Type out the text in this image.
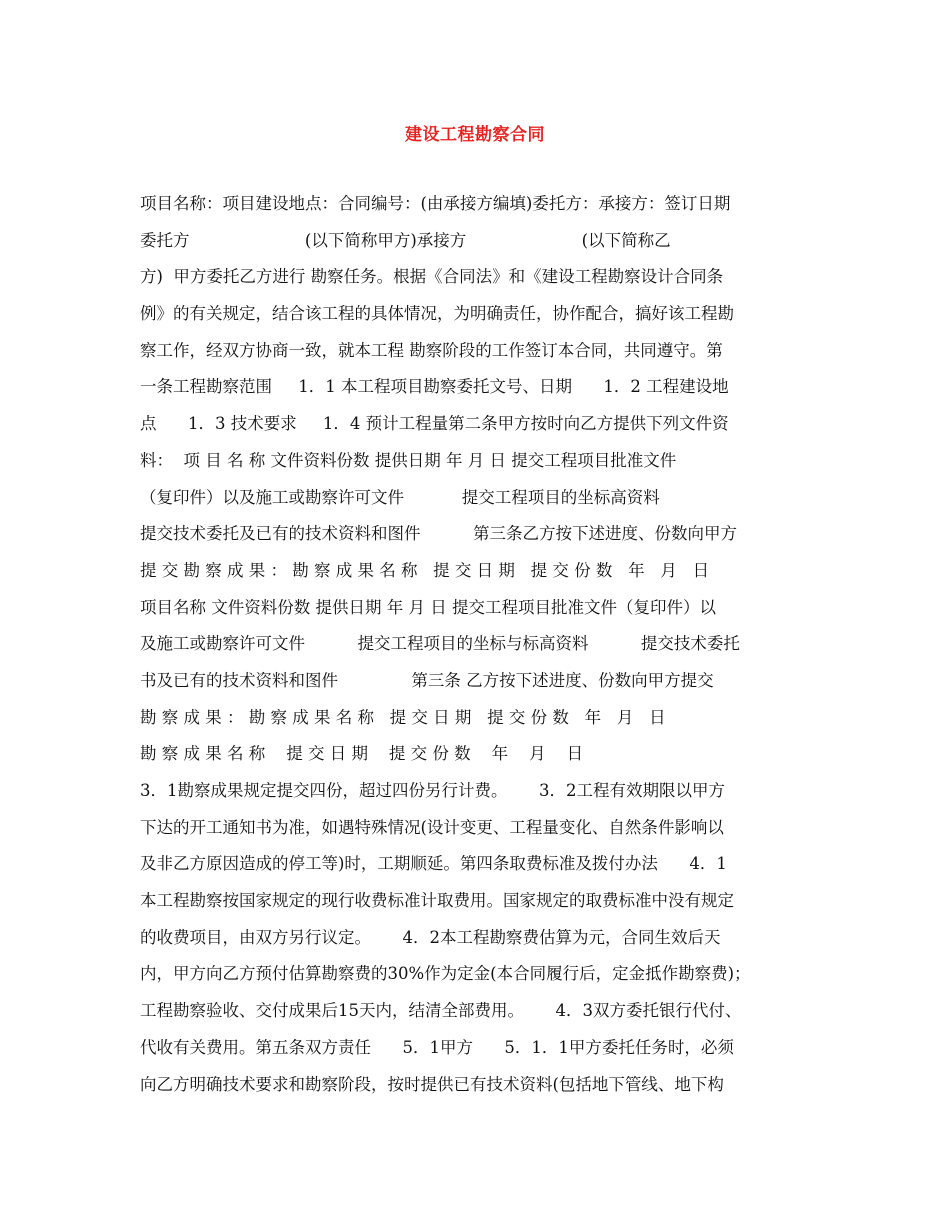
建设工程勘察合同
项目名称：项目建设地点：合同编号：(由承接方编填)委托方：承接方：签订日期
委托方                      (以下简称甲方)承接方                      (以下简称乙
方)  甲方委托乙方进行 勘察任务。根据《合同法》和《建设工程勘察设计合同条
例》的有关规定，结合该工程的具体情况，为明确责任，协作配合，搞好该工程勘
察工作，经双方协商一致，就本工程 勘察阶段的工作签订本合同，共同遵守。第
一条工程勘察范围     1．1 本工程项目勘察委托文号、日期      1．2 工程建设地
点      1．3 技术要求     1．4 预计工程量第二条甲方按时向乙方提供下列文件资
料：  项 目 名 称 文件资料份数 提供日期 年 月 日 提交工程项目批准文件
（复印件）以及施工或勘察许可文件           提交工程项目的坐标高资料
提交技术委托及已有的技术资料和图件          第三条乙方按下述进度、份数向甲方
提 交 勘 察 成 果 ： 勘 察 成 果 名 称   提 交 日 期   提 交 份 数   年   月   日
项目名称 文件资料份数 提供日期 年 月 日 提交工程项目批准文件（复印件）以
及施工或勘察许可文件          提交工程项目的坐标与标高资料          提交技术委托
书及已有的技术资料和图件              第三条 乙方按下述进度、份数向甲方提交
勘 察 成 果 ： 勘 察 成 果 名 称   提 交 日 期   提 交 份 数   年   月   日
勘 察 成 果 名 称    提 交 日 期    提 交 份 数    年    月    日
3．1勘察成果规定提交四份，超过四份另行计费。      3．2工程有效期限以甲方
下达的开工通知书为准，如遇特殊情况(设计变更、工程量变化、自然条件影响以
及非乙方原因造成的停工等)时，工期顺延。第四条取费标准及拨付办法      4．1
本工程勘察按国家规定的现行收费标准计取费用。国家规定的取费标准中没有规定
的收费项目，由双方另行议定。      4．2本工程勘察费估算为元，合同生效后天
内，甲方向乙方预付估算勘察费的30%作为定金(本合同履行后，定金抵作勘察费)；
工程勘察验收、交付成果后15天内，结清全部费用。      4．3双方委托银行代付、
代收有关费用。第五条双方责任      5．1甲方      5．1．1甲方委托任务时，必须
向乙方明确技术要求和勘察阶段，按时提供已有技术资料(包括地下管线、地下构
